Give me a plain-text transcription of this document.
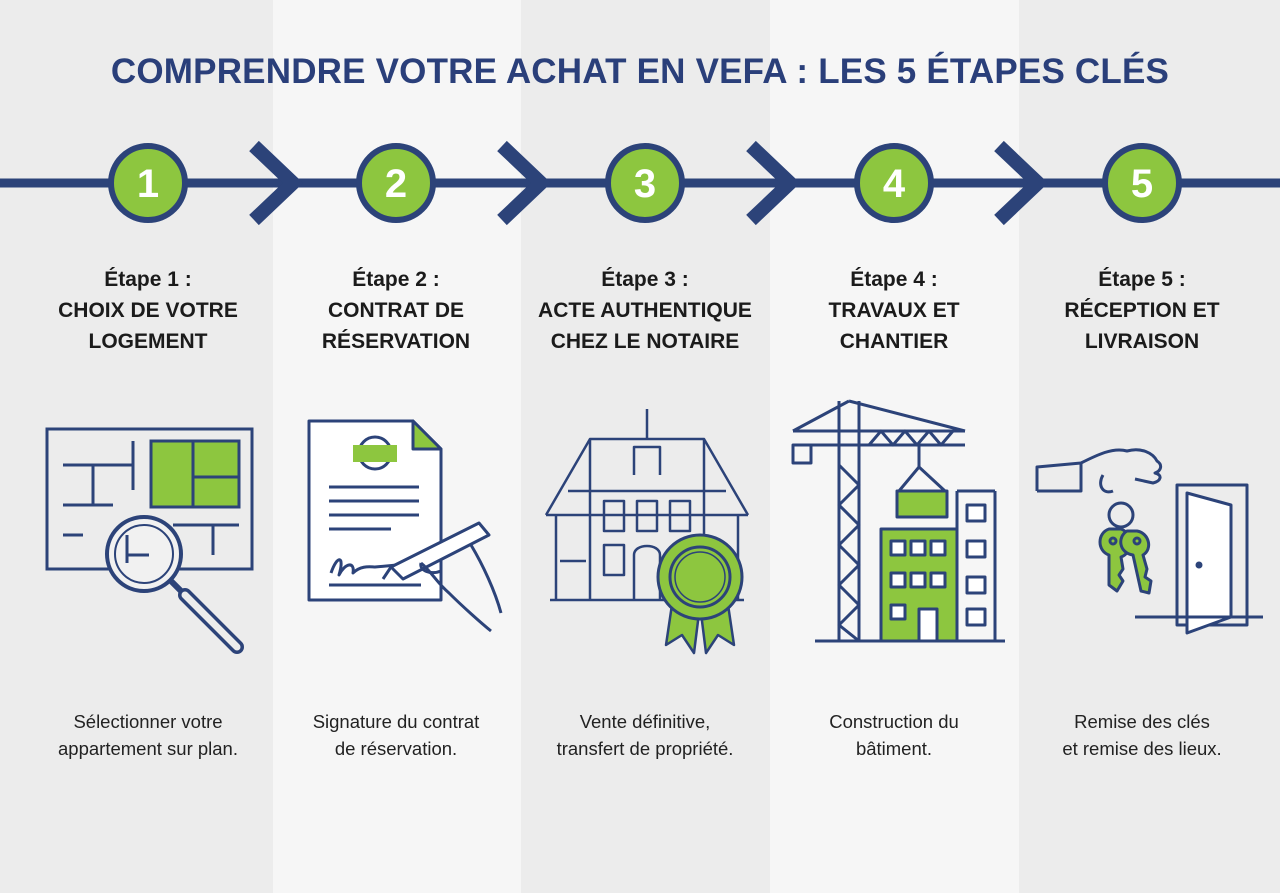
COMPRENDRE VOTRE ACHAT EN VEFA : LES 5 ÉTAPES CLÉS
1	2	3	4	5
Étape 1 :
CHOIX DE VOTRE
LOGEMENT
Étape 2 :
CONTRAT DE
RÉSERVATION
Étape 3 :
ACTE AUTHENTIQUE
CHEZ LE NOTAIRE
Étape 4 :
TRAVAUX ET
CHANTIER
Étape 5 :
RÉCEPTION ET
LIVRAISON
Sélectionner votre
appartement sur plan.
Signature du contrat
de réservation.
Vente définitive,
transfert de propriété.
Construction du
bâtiment.
Remise des clés
et remise des lieux.
